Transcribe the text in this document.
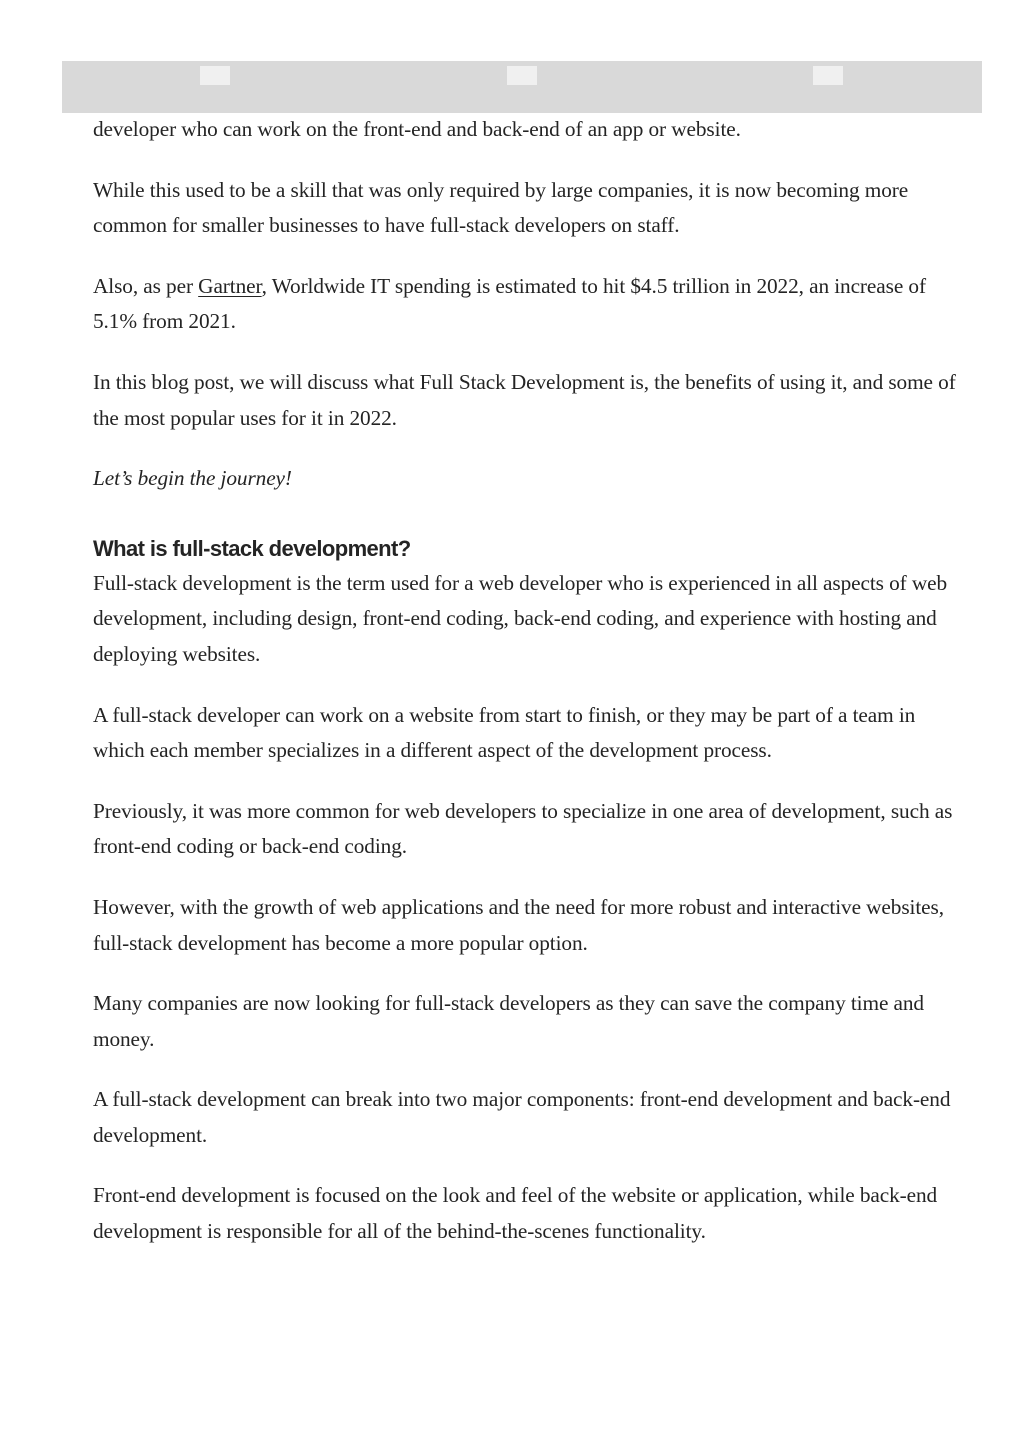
developer who can work on the front-end and back-end of an app or website.

While this used to be a skill that was only required by large companies, it is now becoming more common for smaller businesses to have full-stack developers on staff.

Also, as per Gartner, Worldwide IT spending is estimated to hit $4.5 trillion in 2022, an increase of 5.1% from 2021.

In this blog post, we will discuss what Full Stack Development is, the benefits of using it, and some of the most popular uses for it in 2022.

Let’s begin the journey!

What is full-stack development?

Full-stack development is the term used for a web developer who is experienced in all aspects of web development, including design, front-end coding, back-end coding, and experience with hosting and deploying websites.

A full-stack developer can work on a website from start to finish, or they may be part of a team in which each member specializes in a different aspect of the development process.

Previously, it was more common for web developers to specialize in one area of development, such as front-end coding or back-end coding.

However, with the growth of web applications and the need for more robust and interactive websites, full-stack development has become a more popular option.

Many companies are now looking for full-stack developers as they can save the company time and money.

A full-stack development can break into two major components: front-end development and back-end development.

Front-end development is focused on the look and feel of the website or application, while back-end development is responsible for all of the behind-the-scenes functionality.
